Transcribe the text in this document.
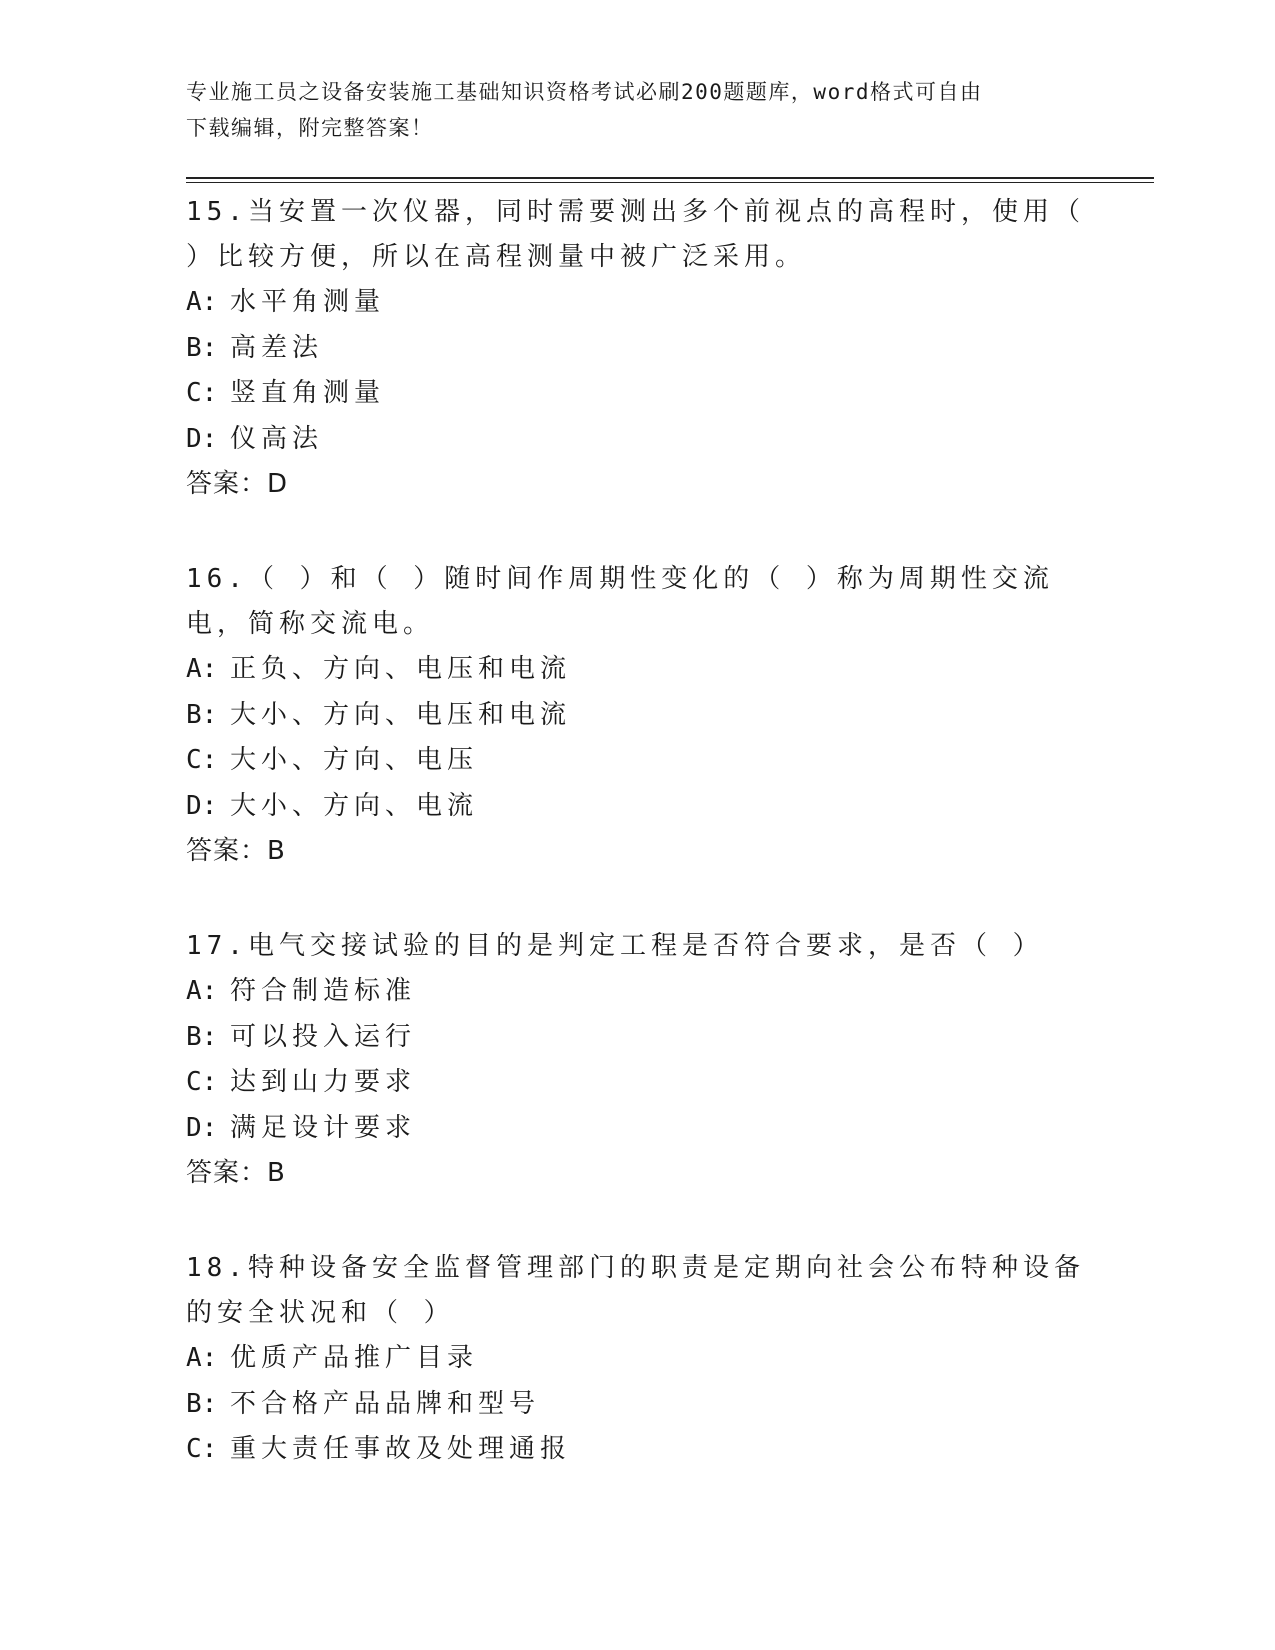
专业施工员之设备安装施工基础知识资格考试必刷200题题库，word格式可自由
下载编辑，附完整答案！

15.当安置一次仪器，同时需要测出多个前视点的高程时，使用（ ）比较方便，所以在高程测量中被广泛采用。

A: 水平角测量

B: 高差法

C: 竖直角测量

D: 仪高法

答案：D

16.（ ）和（ ）随时间作周期性变化的（ ）称为周期性交流电，简称交流电。

A: 正负、方向、电压和电流

B: 大小、方向、电压和电流

C: 大小、方向、电压

D: 大小、方向、电流

答案：B

17.电气交接试验的目的是判定工程是否符合要求，是否（ ）

A: 符合制造标准

B: 可以投入运行

C: 达到山力要求

D: 满足设计要求

答案：B

18.特种设备安全监督管理部门的职责是定期向社会公布特种设备的安全状况和（ ）

A: 优质产品推广目录

B: 不合格产品品牌和型号

C: 重大责任事故及处理通报
